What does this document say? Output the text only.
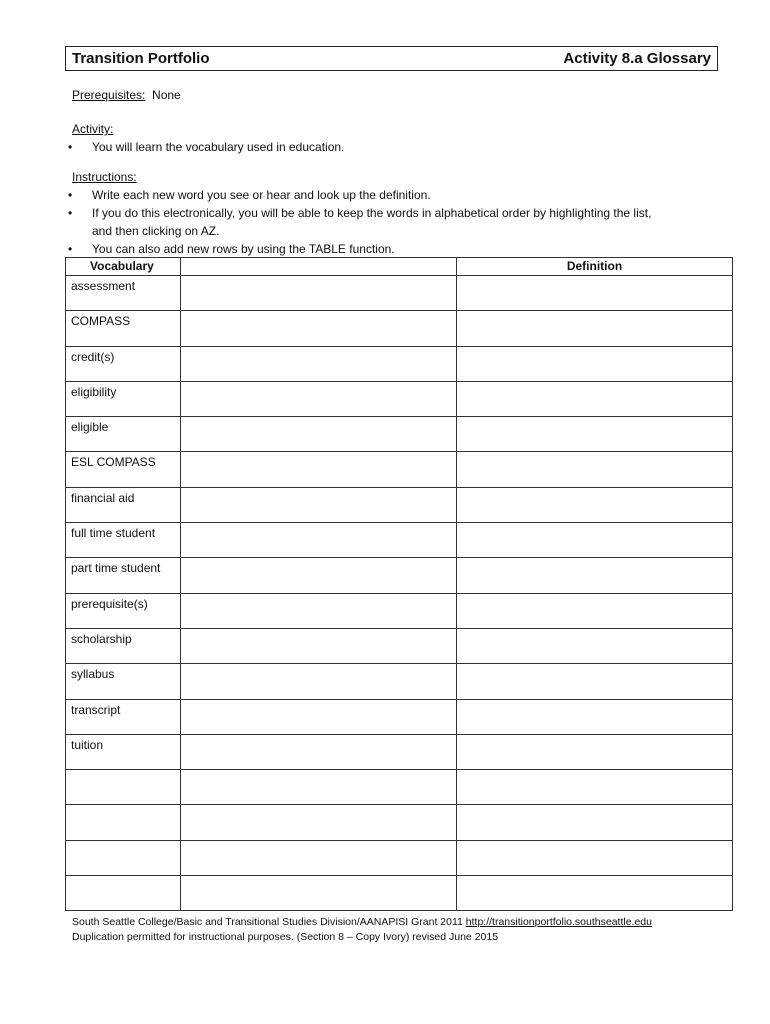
Transition Portfolio	Activity 8.a Glossary
Prerequisites: None
Activity:
• You will learn the vocabulary used in education.
Instructions:
• Write each new word you see or hear and look up the definition.
• If you do this electronically, you will be able to keep the words in alphabetical order by highlighting the list,
and then clicking on AZ.
• You can also add new rows by using the TABLE function.
Vocabulary		Definition
assessment		
COMPASS		
credit(s)		
eligibility		
eligible		
ESL COMPASS		
financial aid		
full time student		
part time student		
prerequisite(s)		
scholarship		
syllabus		
transcript		
tuition		

South Seattle College/Basic and Transitional Studies Division/AANAPISI Grant 2011 http://transitionportfolio.southseattle.edu
Duplication permitted for instructional purposes. (Section 8 – Copy Ivory) revised June 2015
